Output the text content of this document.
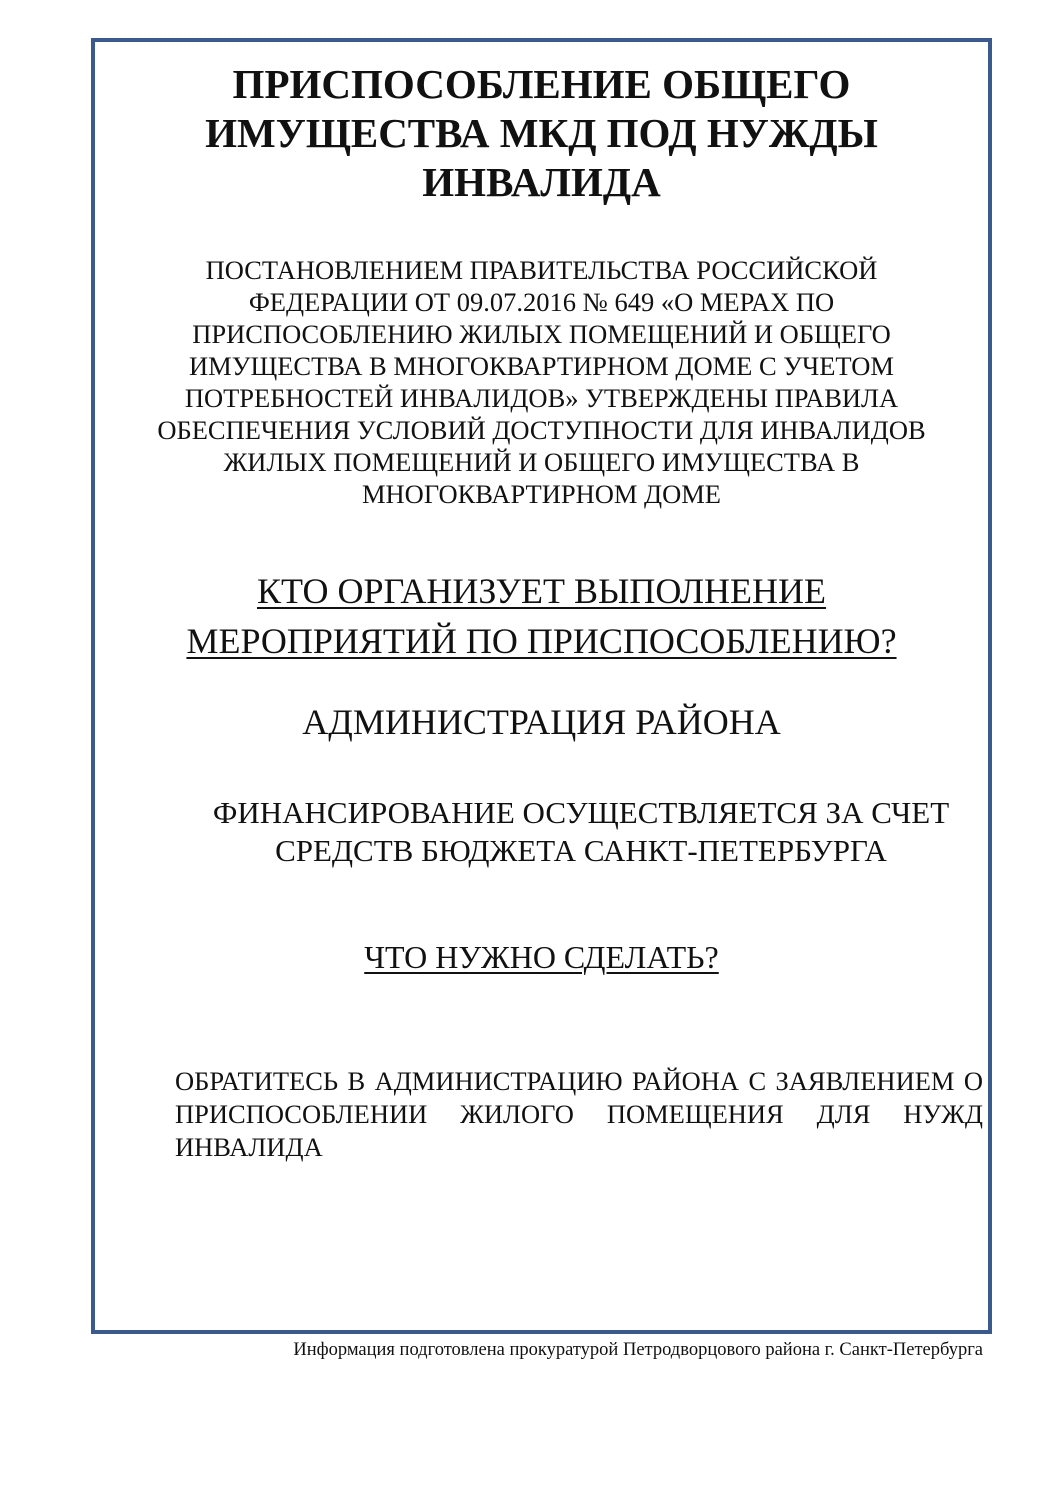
ПРИСПОСОБЛЕНИЕ ОБЩЕГО ИМУЩЕСТВА МКД ПОД НУЖДЫ ИНВАЛИДА
ПОСТАНОВЛЕНИЕМ ПРАВИТЕЛЬСТВА РОССИЙСКОЙ ФЕДЕРАЦИИ ОТ 09.07.2016 № 649 «О МЕРАХ ПО ПРИСПОСОБЛЕНИЮ ЖИЛЫХ ПОМЕЩЕНИЙ И ОБЩЕГО ИМУЩЕСТВА В МНОГОКВАРТИРНОМ ДОМЕ С УЧЕТОМ ПОТРЕБНОСТЕЙ ИНВАЛИДОВ» УТВЕРЖДЕНЫ ПРАВИЛА ОБЕСПЕЧЕНИЯ УСЛОВИЙ ДОСТУПНОСТИ ДЛЯ ИНВАЛИДОВ ЖИЛЫХ ПОМЕЩЕНИЙ И ОБЩЕГО ИМУЩЕСТВА В МНОГОКВАРТИРНОМ ДОМЕ
КТО ОРГАНИЗУЕТ ВЫПОЛНЕНИЕ МЕРОПРИЯТИЙ ПО ПРИСПОСОБЛЕНИЮ?
АДМИНИСТРАЦИЯ РАЙОНА
ФИНАНСИРОВАНИЕ ОСУЩЕСТВЛЯЕТСЯ ЗА СЧЕТ СРЕДСТВ БЮДЖЕТА САНКТ-ПЕТЕРБУРГА
ЧТО НУЖНО СДЕЛАТЬ?
ОБРАТИТЕСЬ В АДМИНИСТРАЦИЮ РАЙОНА С ЗАЯВЛЕНИЕМ О ПРИСПОСОБЛЕНИИ ЖИЛОГО ПОМЕЩЕНИЯ ДЛЯ НУЖД ИНВАЛИДА
Информация подготовлена прокуратурой Петродворцового района г. Санкт-Петербурга
